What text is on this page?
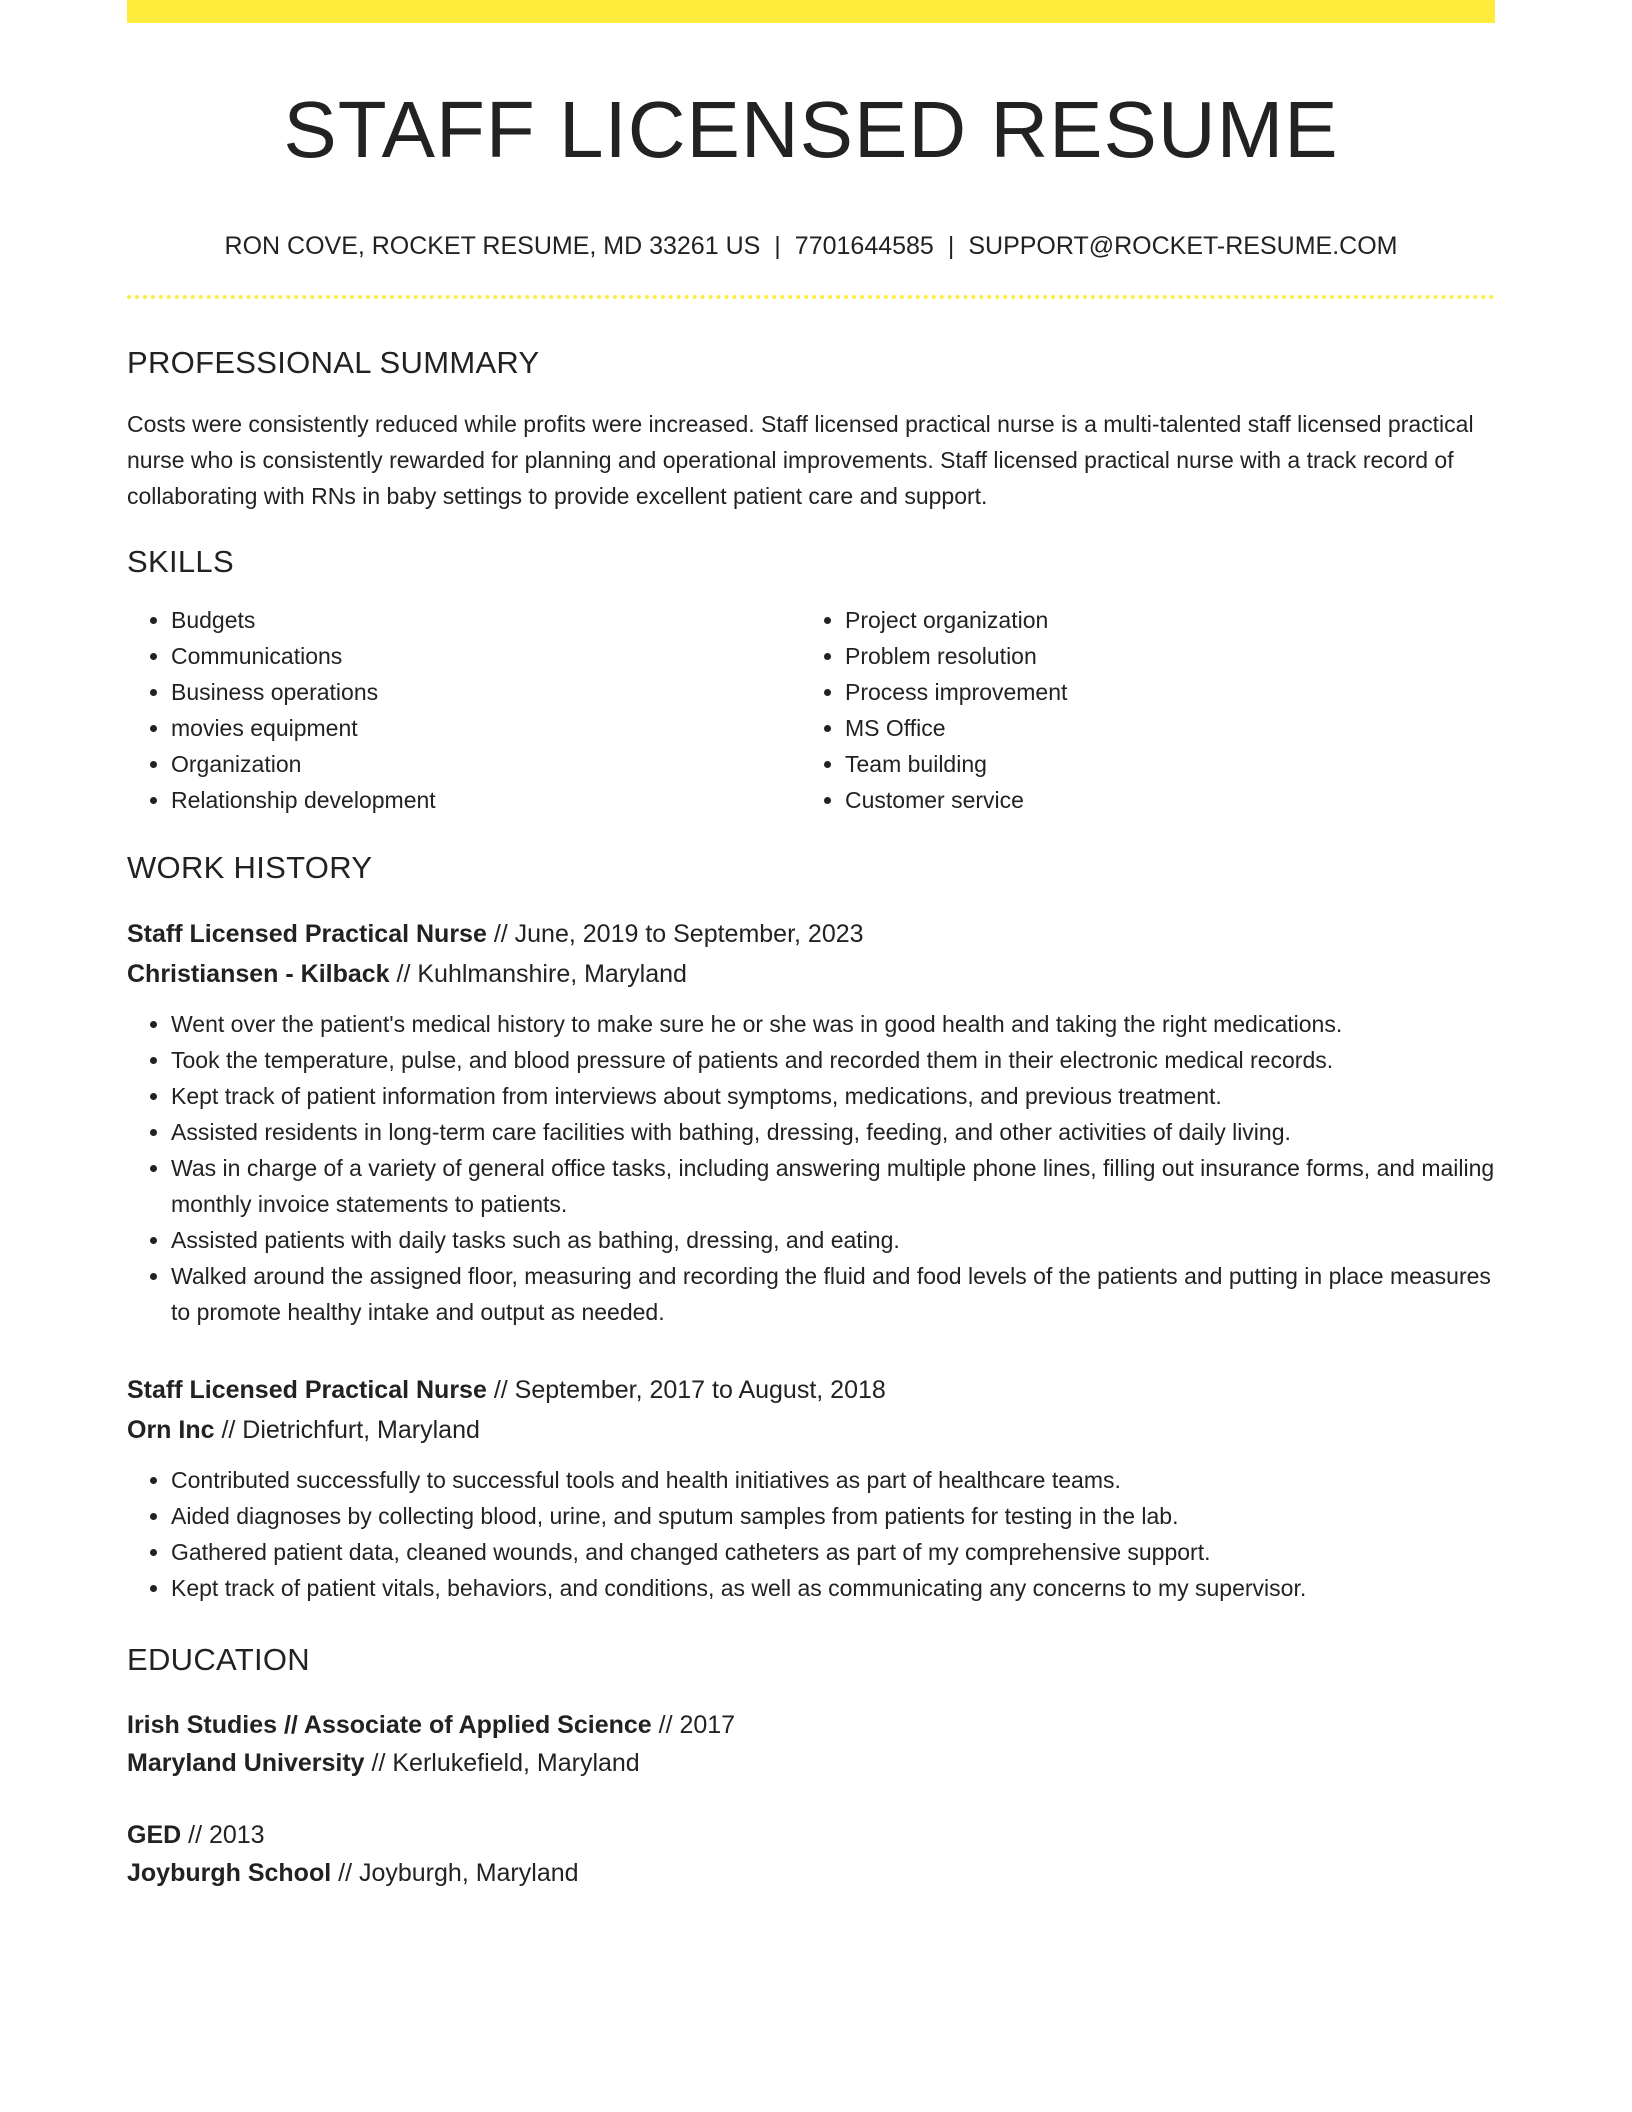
STAFF LICENSED RESUME
RON COVE, ROCKET RESUME, MD 33261 US | 7701644585 | SUPPORT@ROCKET-RESUME.COM
PROFESSIONAL SUMMARY
Costs were consistently reduced while profits were increased. Staff licensed practical nurse is a multi-talented staff licensed practical nurse who is consistently rewarded for planning and operational improvements. Staff licensed practical nurse with a track record of collaborating with RNs in baby settings to provide excellent patient care and support.
SKILLS
• Budgets
• Communications
• Business operations
• movies equipment
• Organization
• Relationship development
• Project organization
• Problem resolution
• Process improvement
• MS Office
• Team building
• Customer service
WORK HISTORY
Staff Licensed Practical Nurse // June, 2019 to September, 2023
Christiansen - Kilback // Kuhlmanshire, Maryland
• Went over the patient's medical history to make sure he or she was in good health and taking the right medications.
• Took the temperature, pulse, and blood pressure of patients and recorded them in their electronic medical records.
• Kept track of patient information from interviews about symptoms, medications, and previous treatment.
• Assisted residents in long-term care facilities with bathing, dressing, feeding, and other activities of daily living.
• Was in charge of a variety of general office tasks, including answering multiple phone lines, filling out insurance forms, and mailing monthly invoice statements to patients.
• Assisted patients with daily tasks such as bathing, dressing, and eating.
• Walked around the assigned floor, measuring and recording the fluid and food levels of the patients and putting in place measures to promote healthy intake and output as needed.
Staff Licensed Practical Nurse // September, 2017 to August, 2018
Orn Inc // Dietrichfurt, Maryland
• Contributed successfully to successful tools and health initiatives as part of healthcare teams.
• Aided diagnoses by collecting blood, urine, and sputum samples from patients for testing in the lab.
• Gathered patient data, cleaned wounds, and changed catheters as part of my comprehensive support.
• Kept track of patient vitals, behaviors, and conditions, as well as communicating any concerns to my supervisor.
EDUCATION
Irish Studies // Associate of Applied Science // 2017
Maryland University // Kerlukefield, Maryland
GED // 2013
Joyburgh School // Joyburgh, Maryland
